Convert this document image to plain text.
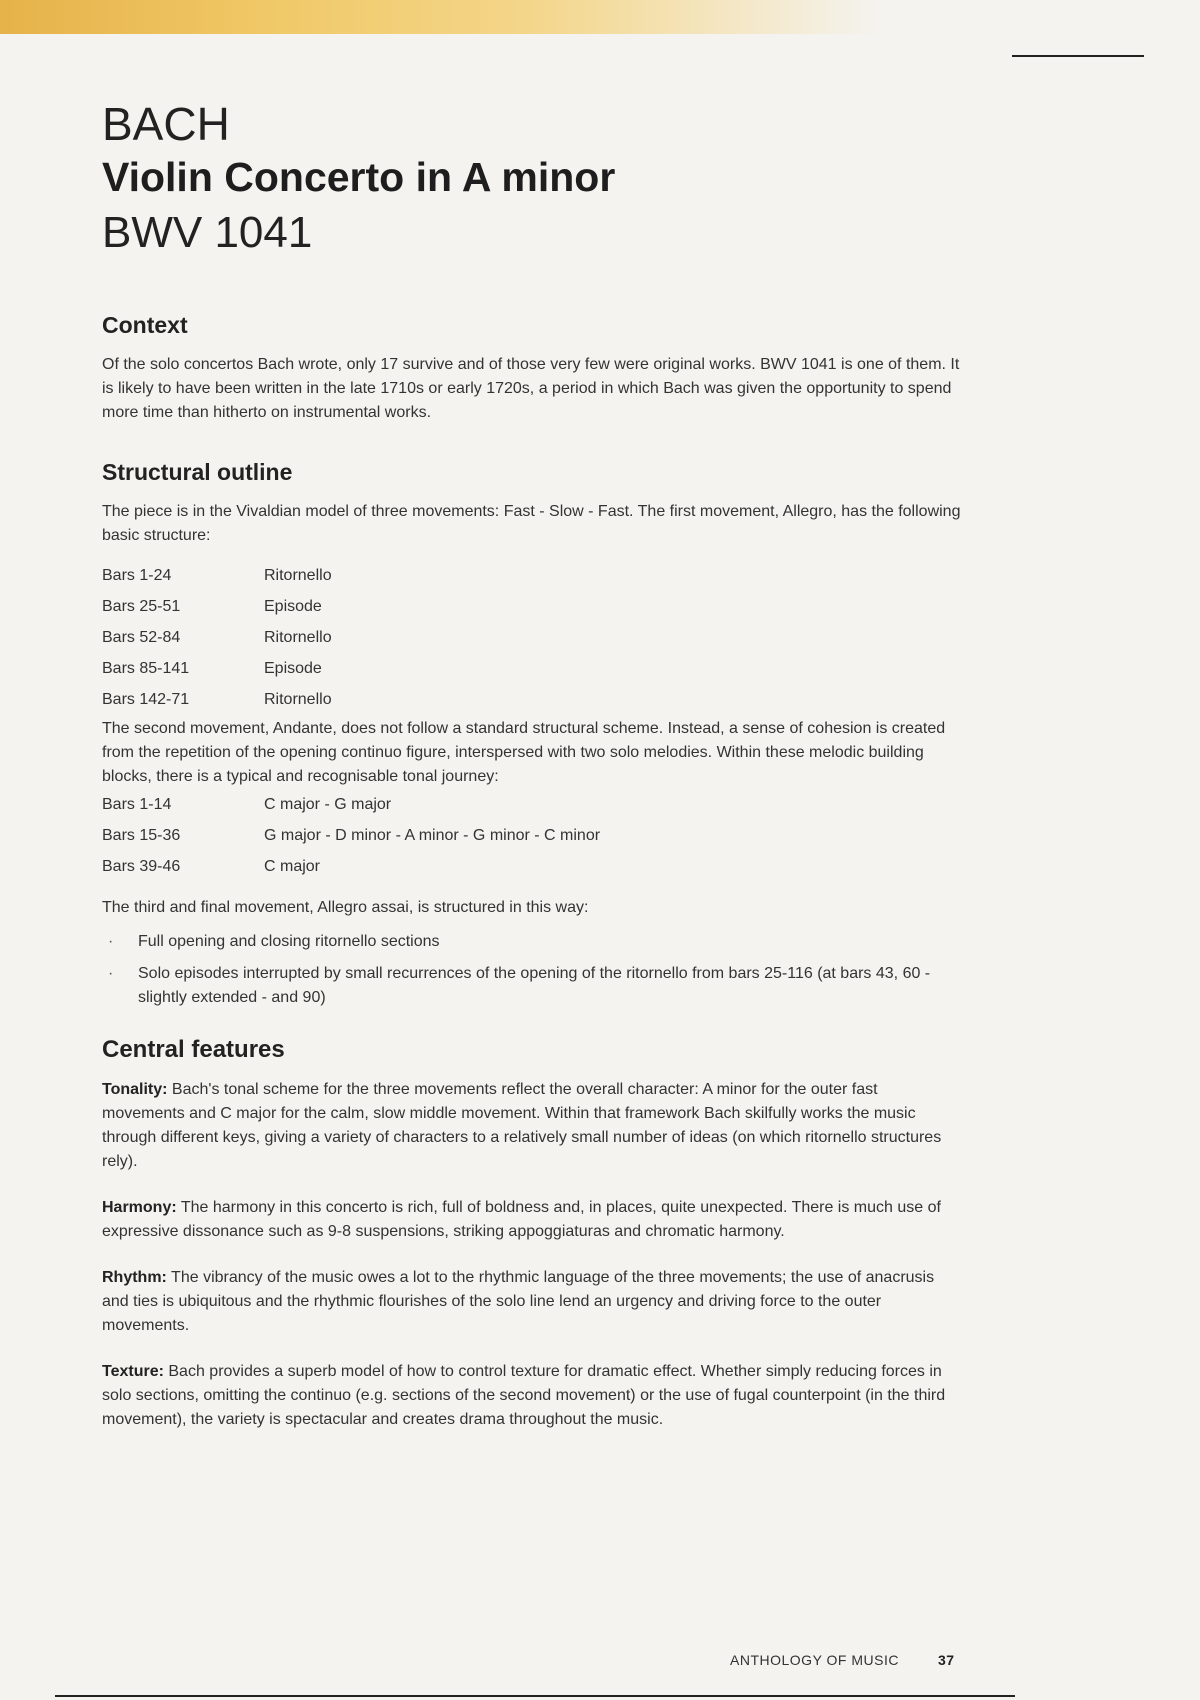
BACH
Violin Concerto in A minor
BWV 1041
Context

Of the solo concertos Bach wrote, only 17 survive and of those very few were original works. BWV 1041 is one of them. It is likely to have been written in the late 1710s or early 1720s, a period in which Bach was given the opportunity to spend more time than hitherto on instrumental works.

Structural outline

The piece is in the Vivaldian model of three movements: Fast - Slow - Fast. The first movement, Allegro, has the following basic structure:

Bars 1-24	Ritornello
Bars 25-51	Episode
Bars 52-84	Ritornello
Bars 85-141	Episode
Bars 142-71	Ritornello

The second movement, Andante, does not follow a standard structural scheme. Instead, a sense of cohesion is created from the repetition of the opening continuo figure, interspersed with two solo melodies. Within these melodic building blocks, there is a typical and recognisable tonal journey:

Bars 1-14	C major - G major
Bars 15-36	G major - D minor - A minor - G minor - C minor
Bars 39-46	C major

The third and final movement, Allegro assai, is structured in this way:

· Full opening and closing ritornello sections
· Solo episodes interrupted by small recurrences of the opening of the ritornello from bars 25-116 (at bars 43, 60 - slightly extended - and 90)
Central features

Tonality: Bach's tonal scheme for the three movements reflect the overall character: A minor for the outer fast movements and C major for the calm, slow middle movement. Within that framework Bach skilfully works the music through different keys, giving a variety of characters to a relatively small number of ideas (on which ritornello structures rely).

Harmony: The harmony in this concerto is rich, full of boldness and, in places, quite unexpected. There is much use of expressive dissonance such as 9-8 suspensions, striking appoggiaturas and chromatic harmony.

Rhythm: The vibrancy of the music owes a lot to the rhythmic language of the three movements; the use of anacrusis and ties is ubiquitous and the rhythmic flourishes of the solo line lend an urgency and driving force to the outer movements.

Texture: Bach provides a superb model of how to control texture for dramatic effect. Whether simply reducing forces in solo sections, omitting the continuo (e.g. sections of the second movement) or the use of fugal counterpoint (in the third movement), the variety is spectacular and creates drama throughout the music.

ANTHOLOGY OF MUSIC	37
